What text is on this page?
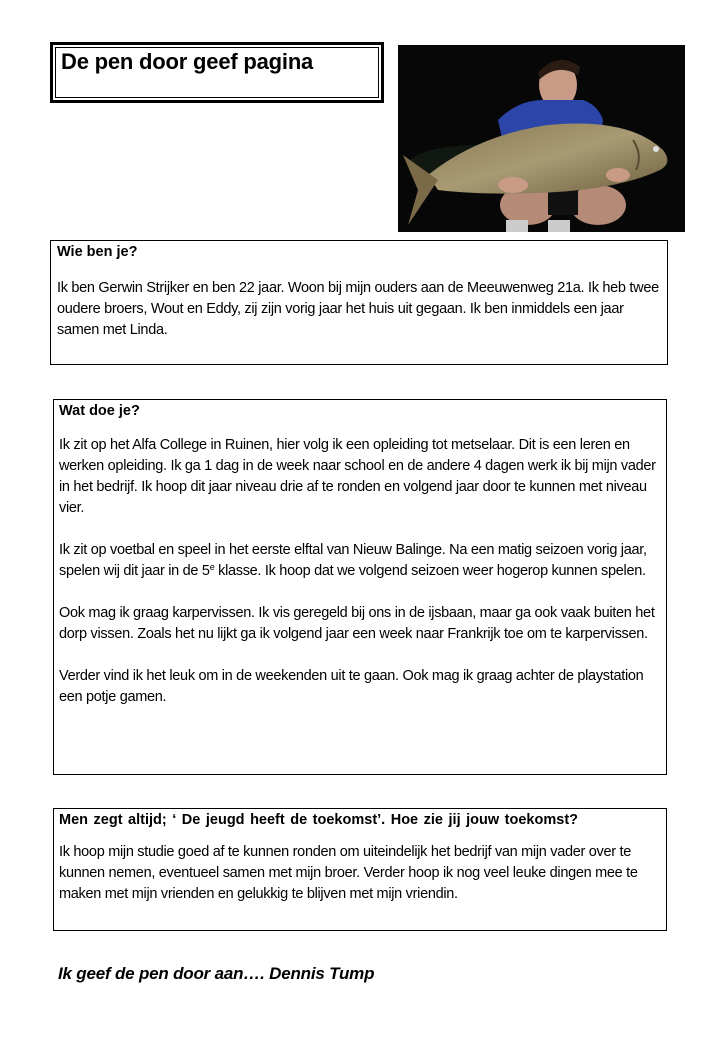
De pen door geef pagina
Wie ben je?

Ik ben Gerwin Strijker en ben 22 jaar. Woon bij mijn ouders aan de Meeuwenweg 21a. Ik heb twee oudere broers, Wout en Eddy, zij zijn vorig jaar het huis uit gegaan. Ik ben inmiddels een jaar samen met Linda.

Wat doe je?

Ik zit op het Alfa College in Ruinen, hier volg ik een opleiding tot metselaar. Dit is een leren en werken opleiding. Ik ga 1 dag in de week naar school en de andere 4 dagen werk ik bij mijn vader in het bedrijf. Ik hoop dit jaar niveau drie af te ronden en volgend jaar door te kunnen met niveau vier.

Ik zit op voetbal en speel in het eerste elftal van Nieuw Balinge. Na een matig seizoen vorig jaar, spelen wij dit jaar in de 5e klasse. Ik hoop dat we volgend seizoen weer hogerop kunnen spelen.

Ook mag ik graag karpervissen. Ik vis geregeld bij ons in de ijsbaan, maar ga ook vaak buiten het dorp vissen. Zoals het nu lijkt ga ik volgend jaar een week naar Frankrijk toe om te karpervissen.

Verder vind ik het leuk om in de weekenden uit te gaan. Ook mag ik graag achter de playstation een potje gamen.

Men zegt altijd; ‘ De jeugd heeft de toekomst’. Hoe zie jij jouw toekomst?

Ik hoop mijn studie goed af te kunnen ronden om uiteindelijk het bedrijf van mijn vader over te kunnen nemen, eventueel samen met mijn broer. Verder hoop ik nog veel leuke dingen mee te maken met mijn vrienden en gelukkig te blijven met mijn vriendin.

Ik geef de pen door aan…. Dennis Tump
